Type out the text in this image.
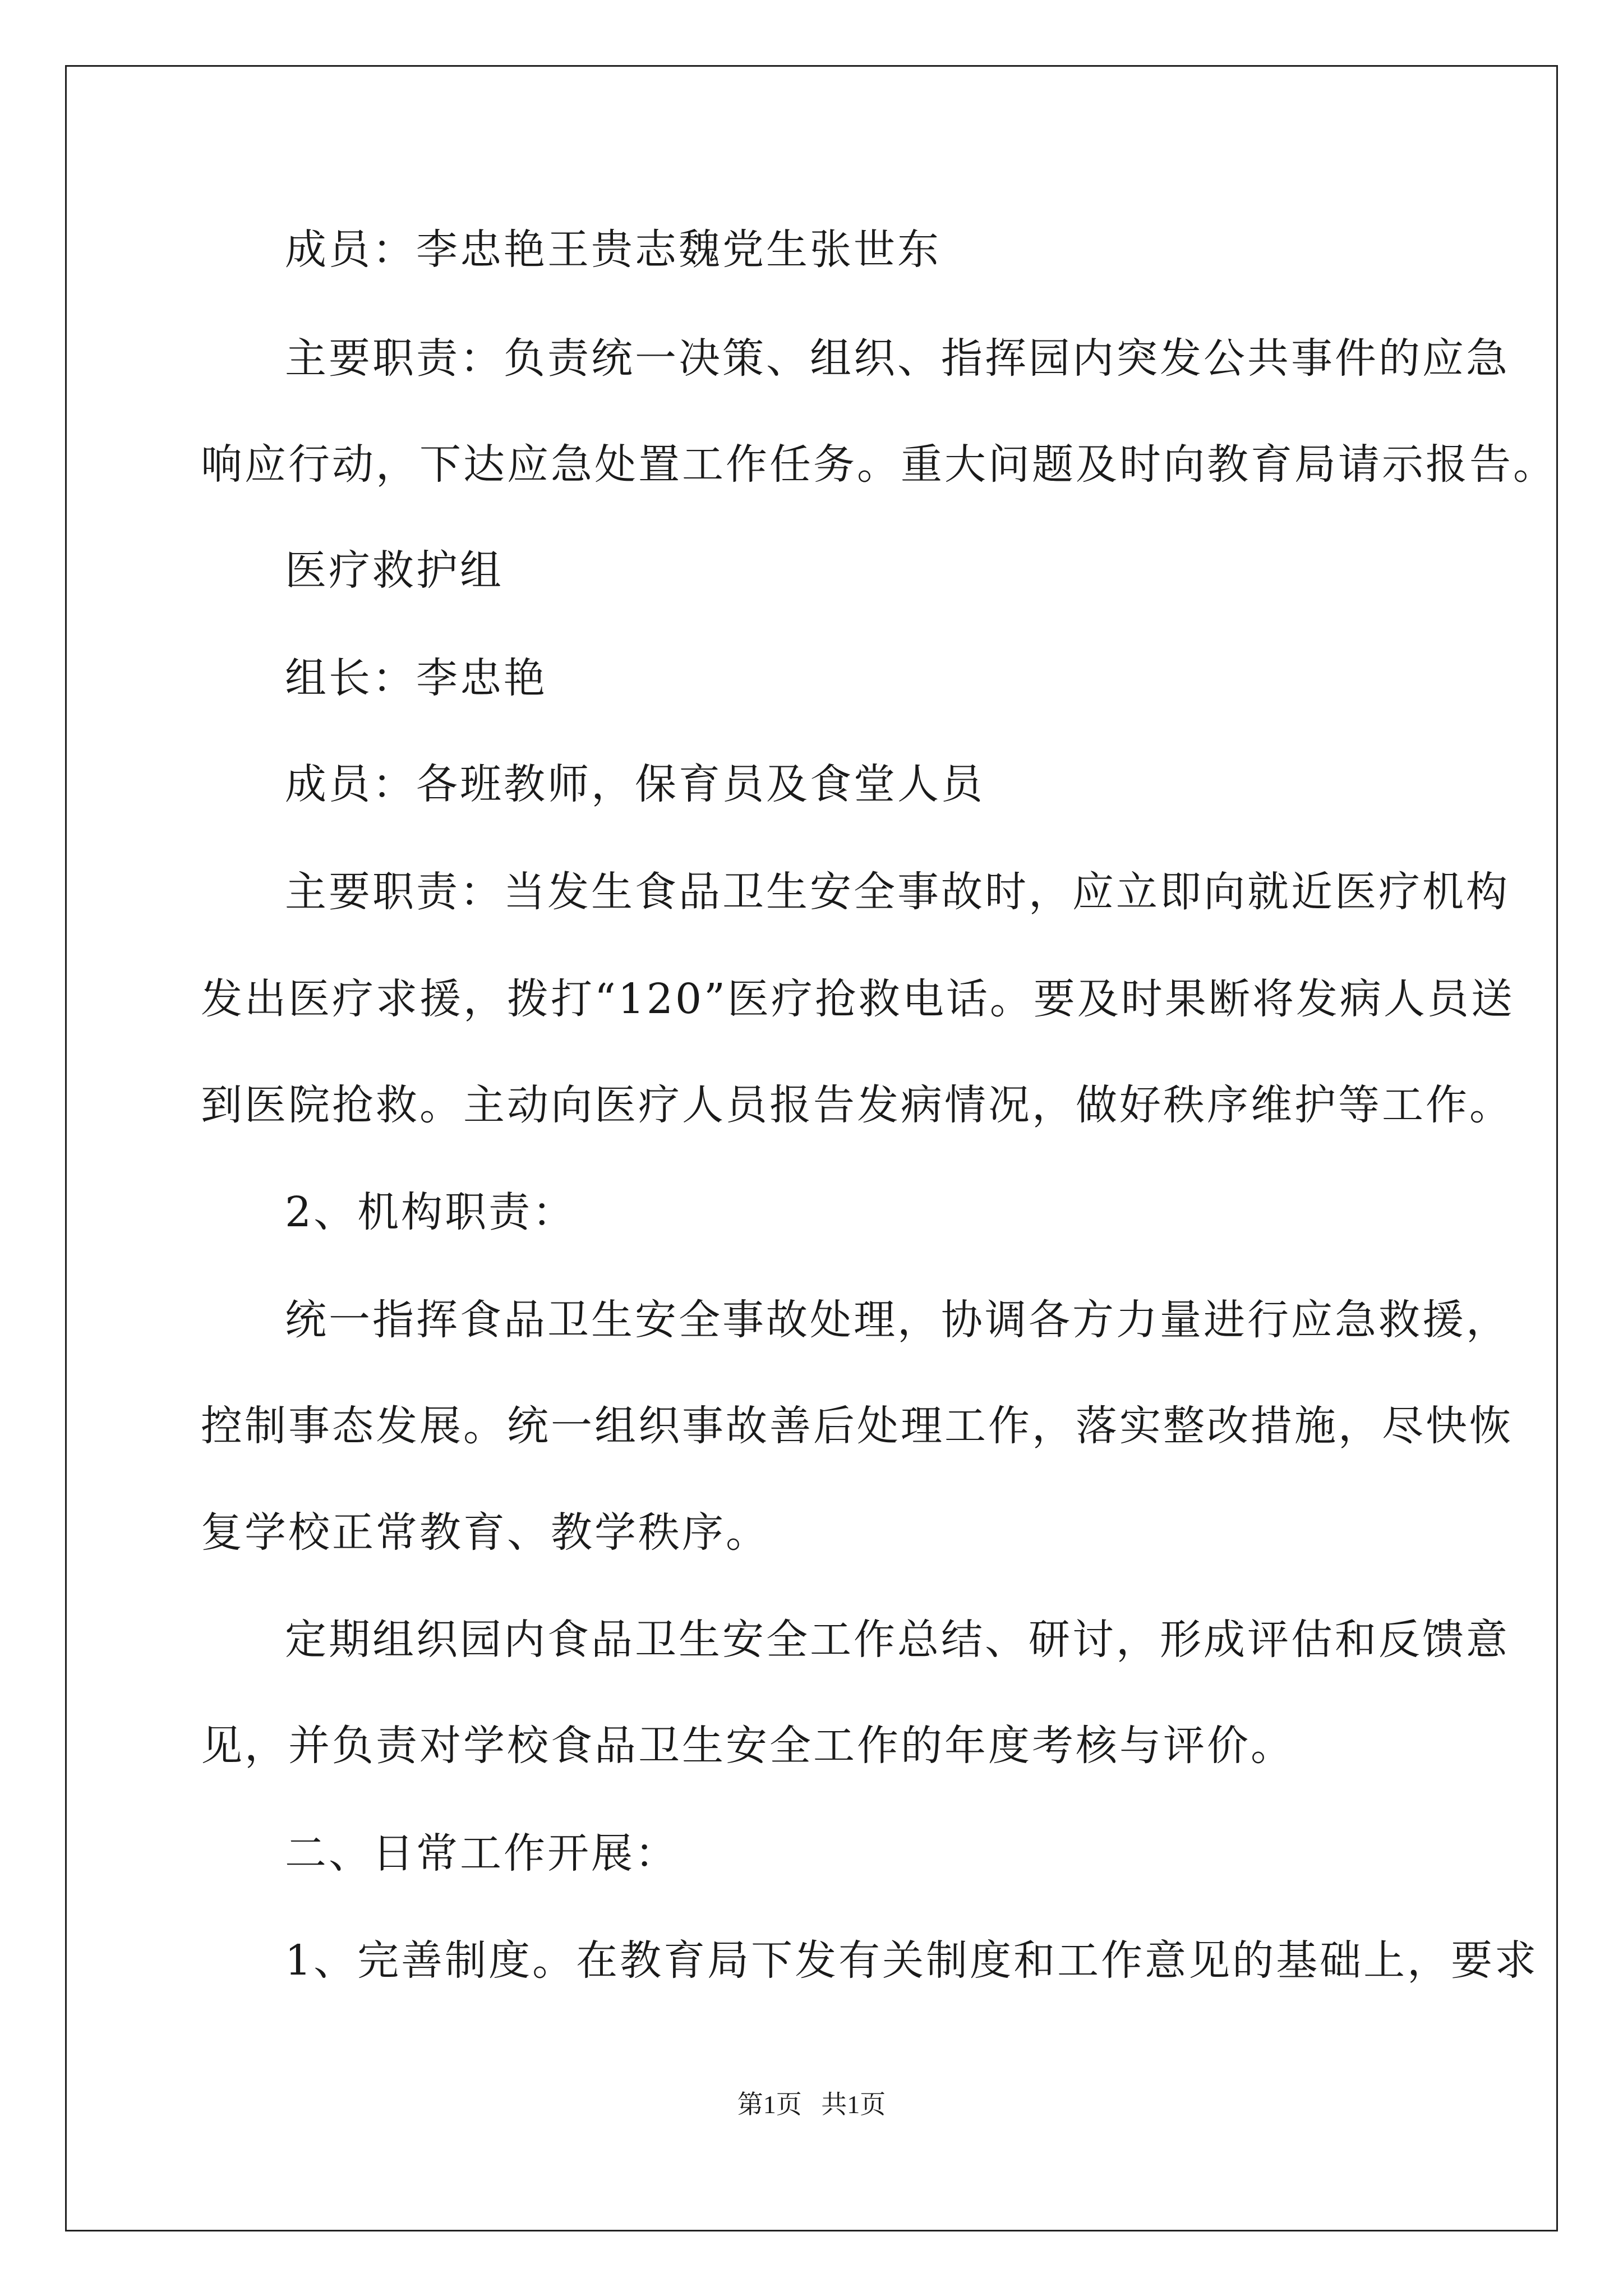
成员：李忠艳王贵志魏党生张世东
主要职责：负责统一决策、组织、指挥园内突发公共事件的应急
响应行动，下达应急处置工作任务。重大问题及时向教育局请示报告。
医疗救护组
组长：李忠艳
成员：各班教师，保育员及食堂人员
主要职责：当发生食品卫生安全事故时，应立即向就近医疗机构
发出医疗求援，拨打“120”医疗抢救电话。要及时果断将发病人员送
到医院抢救。主动向医疗人员报告发病情况，做好秩序维护等工作。
2、机构职责：
统一指挥食品卫生安全事故处理，协调各方力量进行应急救援，
控制事态发展。统一组织事故善后处理工作，落实整改措施，尽快恢
复学校正常教育、教学秩序。
定期组织园内食品卫生安全工作总结、研讨，形成评估和反馈意
见，并负责对学校食品卫生安全工作的年度考核与评价。
二、日常工作开展：
1、完善制度。在教育局下发有关制度和工作意见的基础上，要求
第1页   共1页
